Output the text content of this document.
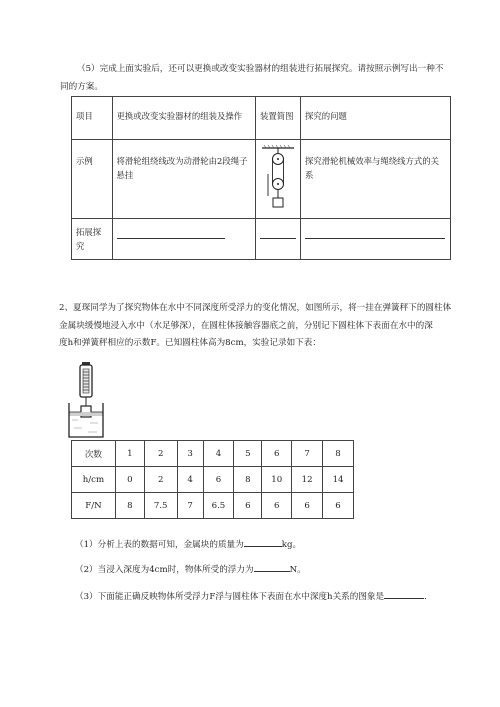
（5）完成上面实验后，还可以更换或改变实验器材的组装进行拓展探究。请按照示例写出一种不
同的方案。
项目	更换或改变实验器材的组装及操作	装置简图	探究的问题
示例	将滑轮组绕线改为动滑轮由2段绳子悬挂		探究滑轮机械效率与绳绕线方式的关系
拓展探究			
2、夏琛同学为了探究物体在水中不同深度所受浮力的变化情况，如图所示，将一挂在弹簧秤下的圆柱体
金属块缓慢地浸入水中（水足够深），在圆柱体接触容器底之前，分别记下圆柱体下表面在水中的深
度h和弹簧秤相应的示数F。已知圆柱体高为8cm，实验记录如下表：
次数	1	2	3	4	5	6	7	8
h/cm	0	2	4	6	8	10	12	14
F/N	8	7.5	7	6.5	6	6	6	6
（1）分析上表的数据可知，金属块的质量为	kg。
（2）当浸入深度为4cm时，物体所受的浮力为	N。
（3）下面能正确反映物体所受浮力F浮与圆柱体下表面在水中深度h关系的图象是	.
